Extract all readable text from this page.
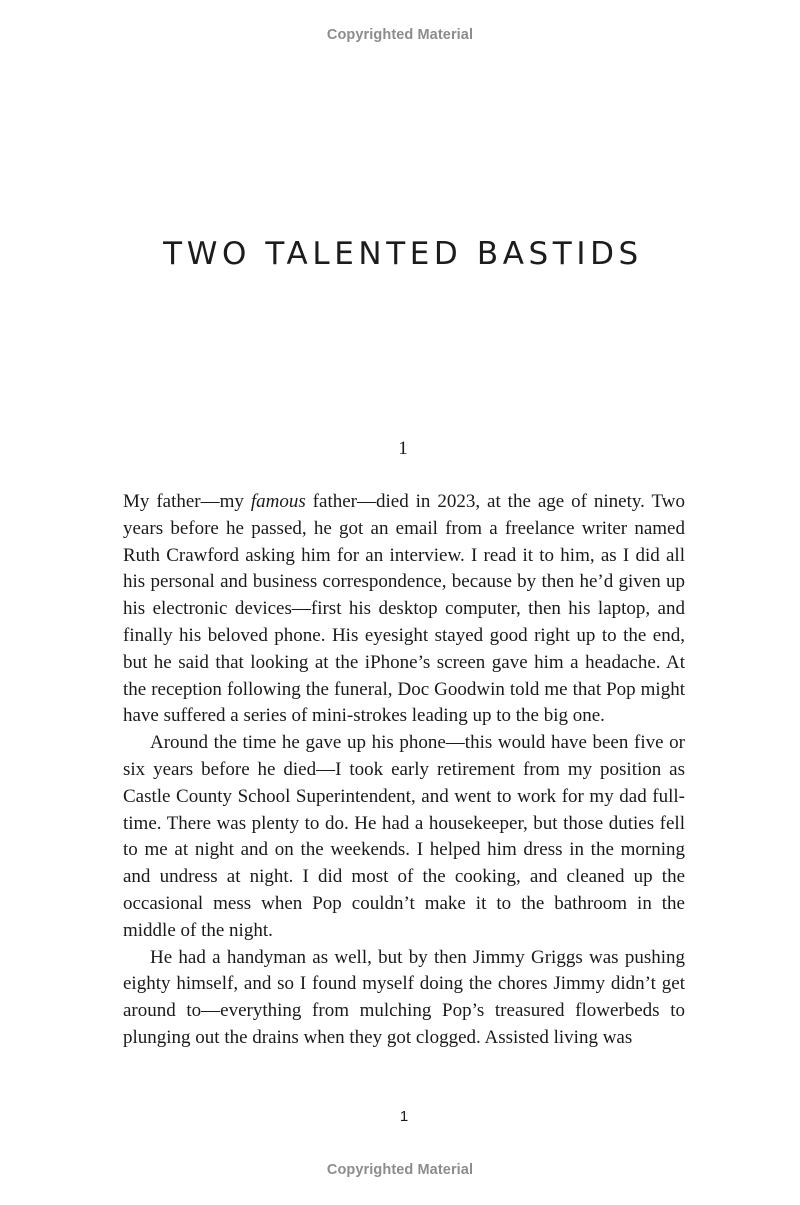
Copyrighted Material
TWO TALENTED BASTIDS
1

My father—my famous father—died in 2023, at the age of ninety. Two years before he passed, he got an email from a freelance writer named Ruth Crawford asking him for an interview. I read it to him, as I did all his personal and business correspondence, because by then he’d given up his electronic devices—first his desktop computer, then his laptop, and finally his beloved phone. His eyesight stayed good right up to the end, but he said that looking at the iPhone’s screen gave him a headache. At the reception following the funeral, Doc Goodwin told me that Pop might have suffered a series of mini-strokes leading up to the big one.

Around the time he gave up his phone—this would have been five or six years before he died—I took early retirement from my position as Castle County School Superintendent, and went to work for my dad full-time. There was plenty to do. He had a housekeeper, but those duties fell to me at night and on the weekends. I helped him dress in the morning and undress at night. I did most of the cooking, and cleaned up the occasional mess when Pop couldn’t make it to the bathroom in the middle of the night.

He had a handyman as well, but by then Jimmy Griggs was pushing eighty himself, and so I found myself doing the chores Jimmy didn’t get around to—everything from mulching Pop’s treasured flowerbeds to plunging out the drains when they got clogged. Assisted living was

1
Copyrighted Material
